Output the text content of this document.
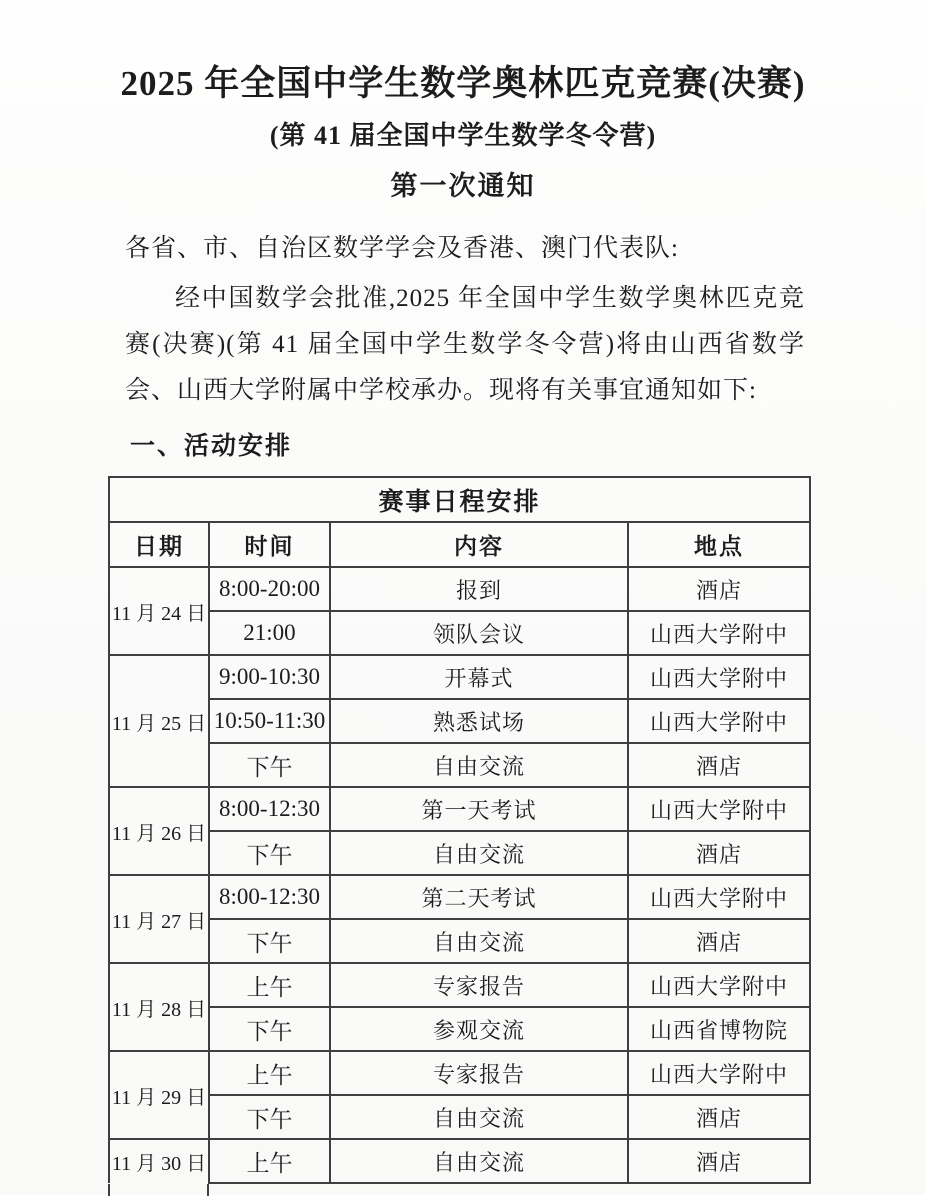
2025 年全国中学生数学奥林匹克竞赛(决赛)
(第 41 届全国中学生数学冬令营)
第一次通知

各省、市、自治区数学学会及香港、澳门代表队:

经中国数学会批准,2025 年全国中学生数学奥林匹克竞赛(决赛)(第 41 届全国中学生数学冬令营)将由山西省数学会、山西大学附属中学校承办。现将有关事宜通知如下:

一、活动安排

赛事日程安排			
日期	时间	内容	地点
11 月 24 日	8:00-20:00	报到	酒店
	21:00	领队会议	山西大学附中
11 月 25 日	9:00-10:30	开幕式	山西大学附中
	10:50-11:30	熟悉试场	山西大学附中
	下午	自由交流	酒店
11 月 26 日	8:00-12:30	第一天考试	山西大学附中
	下午	自由交流	酒店
11 月 27 日	8:00-12:30	第二天考试	山西大学附中
	下午	自由交流	酒店
11 月 28 日	上午	专家报告	山西大学附中
	下午	参观交流	山西省博物院
11 月 29 日	上午	专家报告	山西大学附中
	下午	自由交流	酒店
11 月 30 日	上午	自由交流	酒店
